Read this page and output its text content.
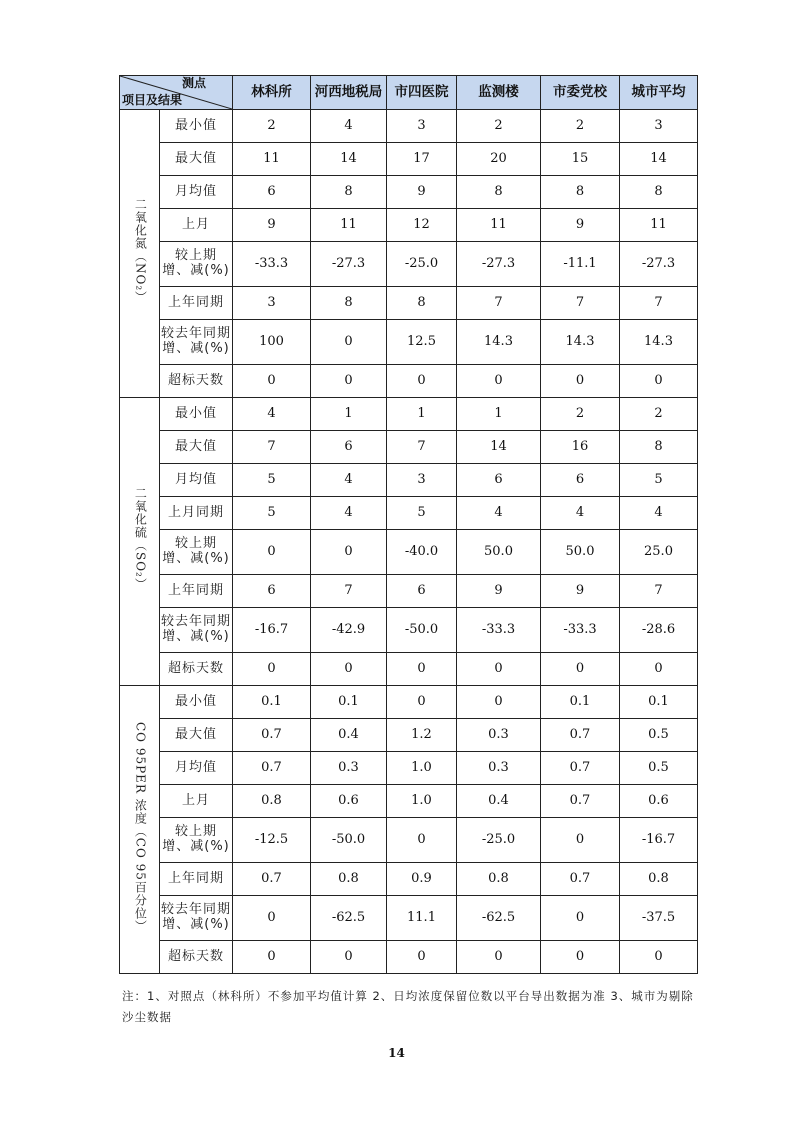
测点
项目及结果		林科所	河西地税局	市四医院	监测楼	市委党校	城市平均
二氧化氮（NO₂）	最小值	2	4	3	2	2	3

	最大值	11	14	17	20	15	14

	月均值	6	8	9	8	8	8

	上月	9	11	12	11	9	11

	较上期
增、减(%)	-33.3	-27.3	-25.0	-27.3	-11.1	-27.3

	上年同期	3	8	8	7	7	7

	较去年同期
增、减(%)	100	0	12.5	14.3	14.3	14.3

	超标天数	0	0	0	0	0	0
二氧化硫（SO₂）	最小值	4	1	1	1	2	2

	最大值	7	6	7	14	16	8

	月均值	5	4	3	6	6	5

	上月同期	5	4	5	4	4	4

	较上期
增、减(%)	0	0	-40.0	50.0	50.0	25.0

	上年同期	6	7	6	9	9	7

	较去年同期
增、减(%)	-16.7	-42.9	-50.0	-33.3	-33.3	-28.6

	超标天数	0	0	0	0	0	0
CO 95PER 浓度（CO 95百分位）	最小值	0.1	0.1	0	0	0.1	0.1

	最大值	0.7	0.4	1.2	0.3	0.7	0.5

	月均值	0.7	0.3	1.0	0.3	0.7	0.5

	上月	0.8	0.6	1.0	0.4	0.7	0.6

	较上期
增、减(%)	-12.5	-50.0	0	-25.0	0	-16.7

	上年同期	0.7	0.8	0.9	0.8	0.7	0.8

	较去年同期
增、减(%)	0	-62.5	11.1	-62.5	0	-37.5

	超标天数	0	0	0	0	0	0
注：1、对照点（林科所）不参加平均值计算 2、日均浓度保留位数以平台导出数据为准 3、城市为剔除沙尘数据
14
